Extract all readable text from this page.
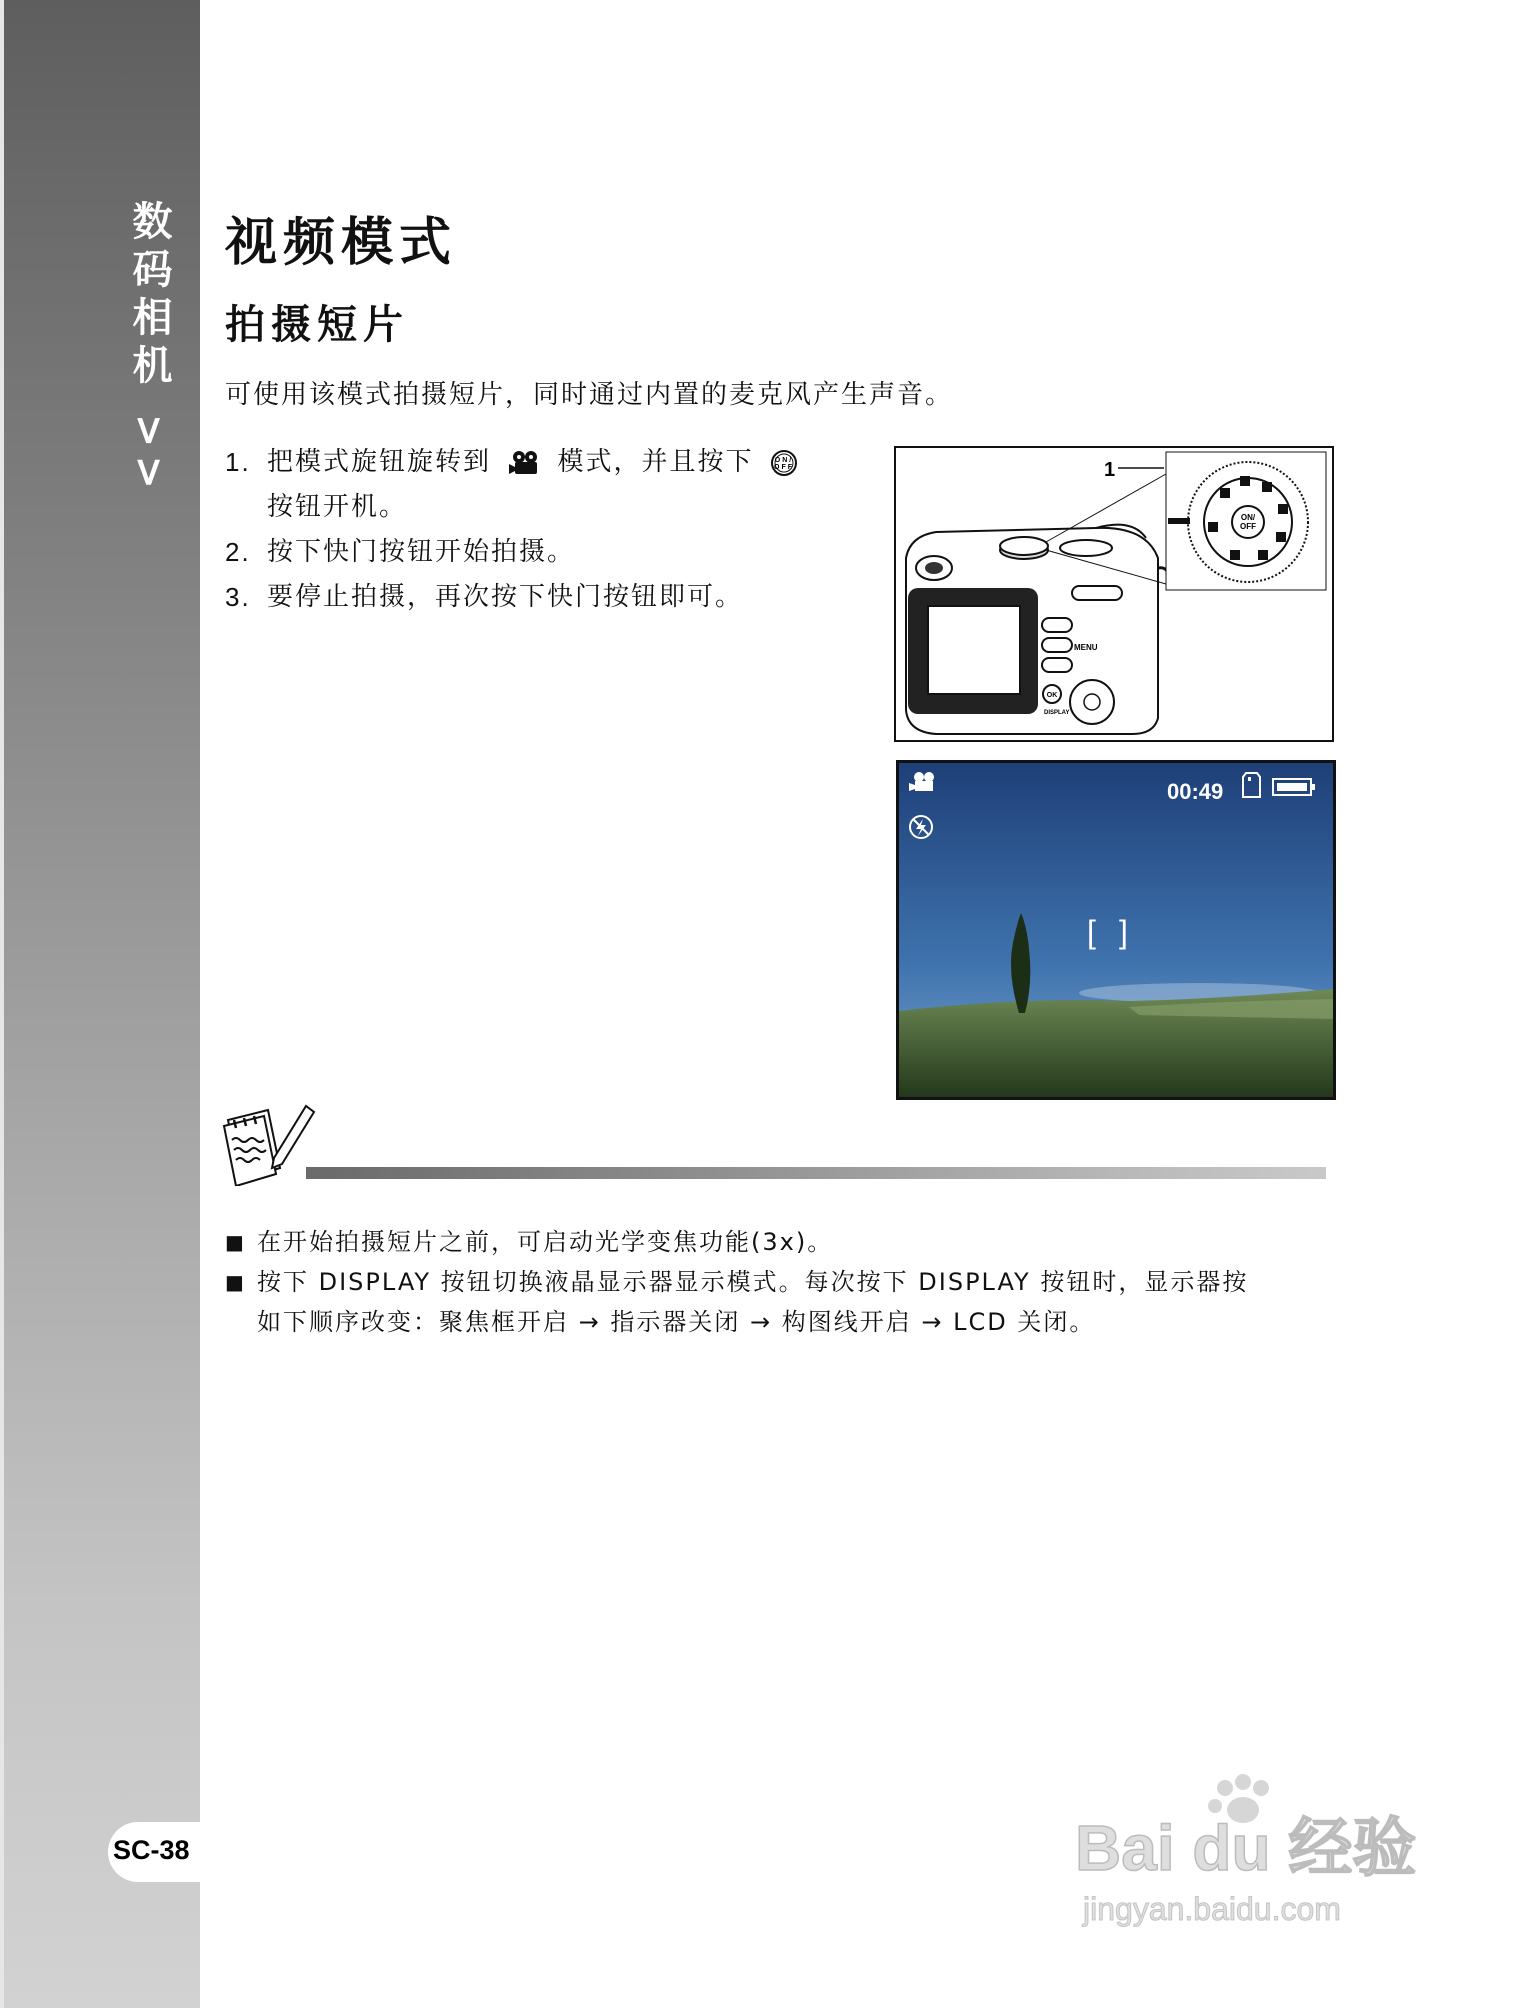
数码相机 >>
SC-38
视频模式
拍摄短片
可使用该模式拍摄短片，同时通过内置的麦克风产生声音。
1. 把模式旋钮旋转到	模式，并且按下	ON/
OFF
按钮开机。
2. 按下快门按钮开始拍摄。
3. 要停止拍摄，再次按下快门按钮即可。
MENU
OK
DISPLAY
ON/
OFF
1
[ ]
00:49
■ 在开始拍摄短片之前，可启动光学变焦功能(3x)。
■ 按下 DISPLAY 按钮切换液晶显示器显示模式。每次按下 DISPLAY 按钮时，显示器按
如下顺序改变：聚焦框开启 → 指示器关闭 → 构图线开启 → LCD 关闭。
Bai du 经验
jingyan.baidu.com
